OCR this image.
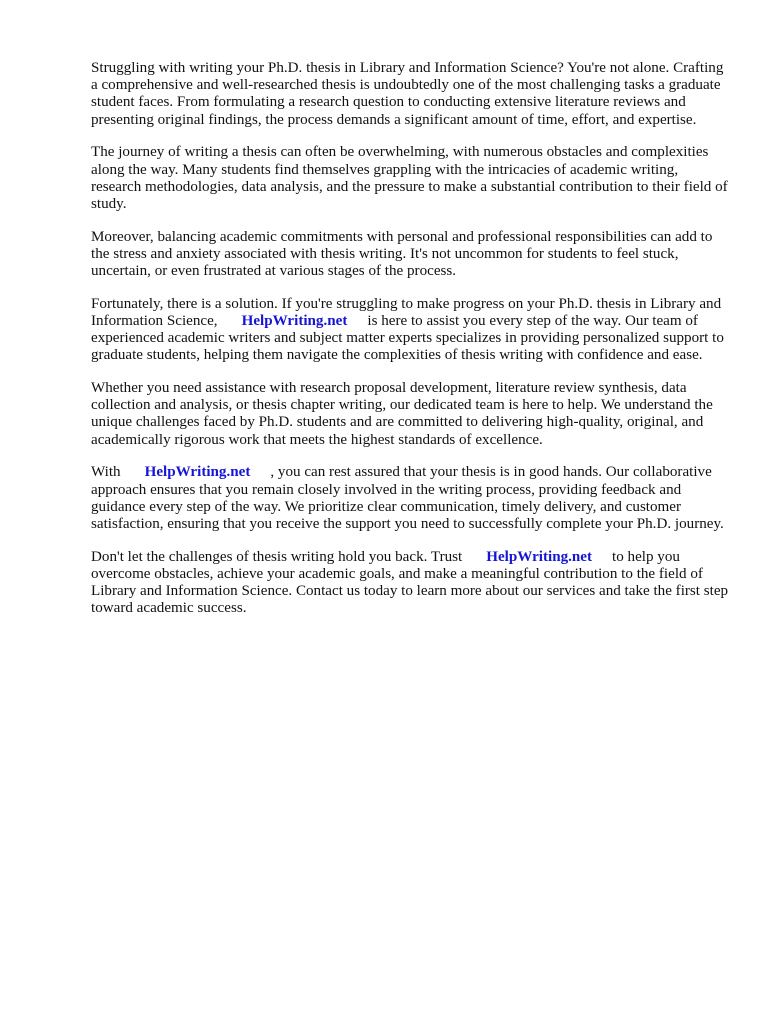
Struggling with writing your Ph.D. thesis in Library and Information Science? You're not alone. Crafting a comprehensive and well-researched thesis is undoubtedly one of the most challenging tasks a graduate student faces. From formulating a research question to conducting extensive literature reviews and presenting original findings, the process demands a significant amount of time, effort, and expertise.

The journey of writing a thesis can often be overwhelming, with numerous obstacles and complexities along the way. Many students find themselves grappling with the intricacies of academic writing, research methodologies, data analysis, and the pressure to make a substantial contribution to their field of study.

Moreover, balancing academic commitments with personal and professional responsibilities can add to the stress and anxiety associated with thesis writing. It's not uncommon for students to feel stuck, uncertain, or even frustrated at various stages of the process.

Fortunately, there is a solution. If you're struggling to make progress on your Ph.D. thesis in Library and Information Science, HelpWriting.net is here to assist you every step of the way. Our team of experienced academic writers and subject matter experts specializes in providing personalized support to graduate students, helping them navigate the complexities of thesis writing with confidence and ease.

Whether you need assistance with research proposal development, literature review synthesis, data collection and analysis, or thesis chapter writing, our dedicated team is here to help. We understand the unique challenges faced by Ph.D. students and are committed to delivering high-quality, original, and academically rigorous work that meets the highest standards of excellence.

With HelpWriting.net , you can rest assured that your thesis is in good hands. Our collaborative approach ensures that you remain closely involved in the writing process, providing feedback and guidance every step of the way. We prioritize clear communication, timely delivery, and customer satisfaction, ensuring that you receive the support you need to successfully complete your Ph.D. journey.

Don't let the challenges of thesis writing hold you back. Trust HelpWriting.net to help you overcome obstacles, achieve your academic goals, and make a meaningful contribution to the field of Library and Information Science. Contact us today to learn more about our services and take the first step toward academic success.
